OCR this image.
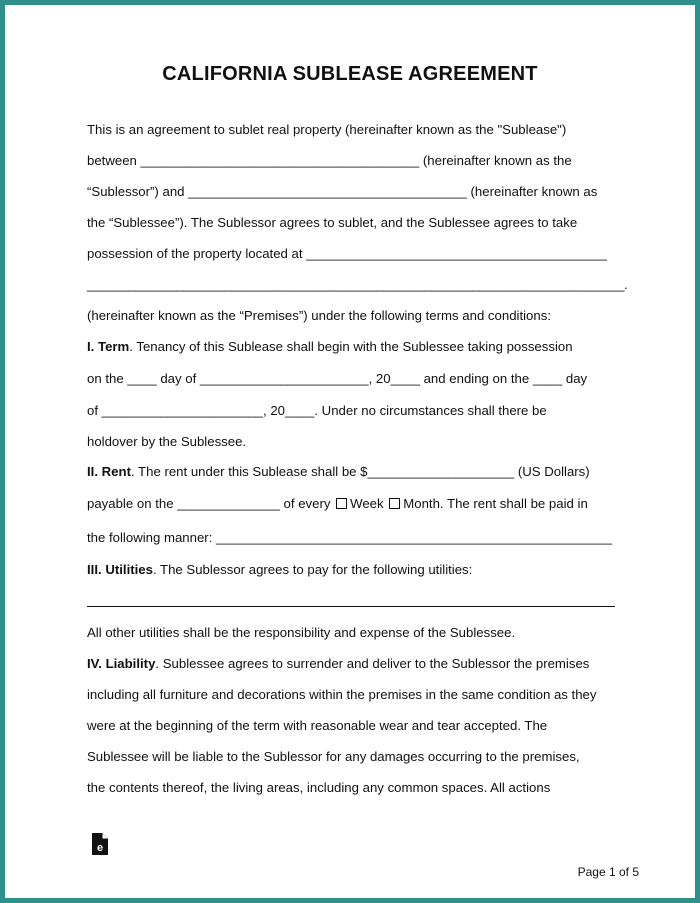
CALIFORNIA SUBLEASE AGREEMENT
This is an agreement to sublet real property (hereinafter known as the "Sublease")
between ______________________________________ (hereinafter known as the
“Sublessor”) and ______________________________________ (hereinafter known as
the “Sublessee”). The Sublessor agrees to sublet, and the Sublessee agrees to take
possession of the property located at _________________________________________
______________________________________________________________________________.
(hereinafter known as the “Premises”) under the following terms and conditions:
I. Term. Tenancy of this Sublease shall begin with the Sublessee taking possession
on the ____ day of _______________________, 20____ and ending on the ____ day
of ______________________, 20____. Under no circumstances shall there be
holdover by the Sublessee.
II. Rent. The rent under this Sublease shall be $____________________ (US Dollars)
payable on the ______________ of every Week Month. The rent shall be paid in
the following manner: ______________________________________________________
III. Utilities. The Sublessor agrees to pay for the following utilities:
All other utilities shall be the responsibility and expense of the Sublessee.
IV. Liability. Sublessee agrees to surrender and deliver to the Sublessor the premises
including all furniture and decorations within the premises in the same condition as they
were at the beginning of the term with reasonable wear and tear accepted. The
Sublessee will be liable to the Sublessor for any damages occurring to the premises,
the contents thereof, the living areas, including any common spaces. All actions
e
Page 1 of 5
